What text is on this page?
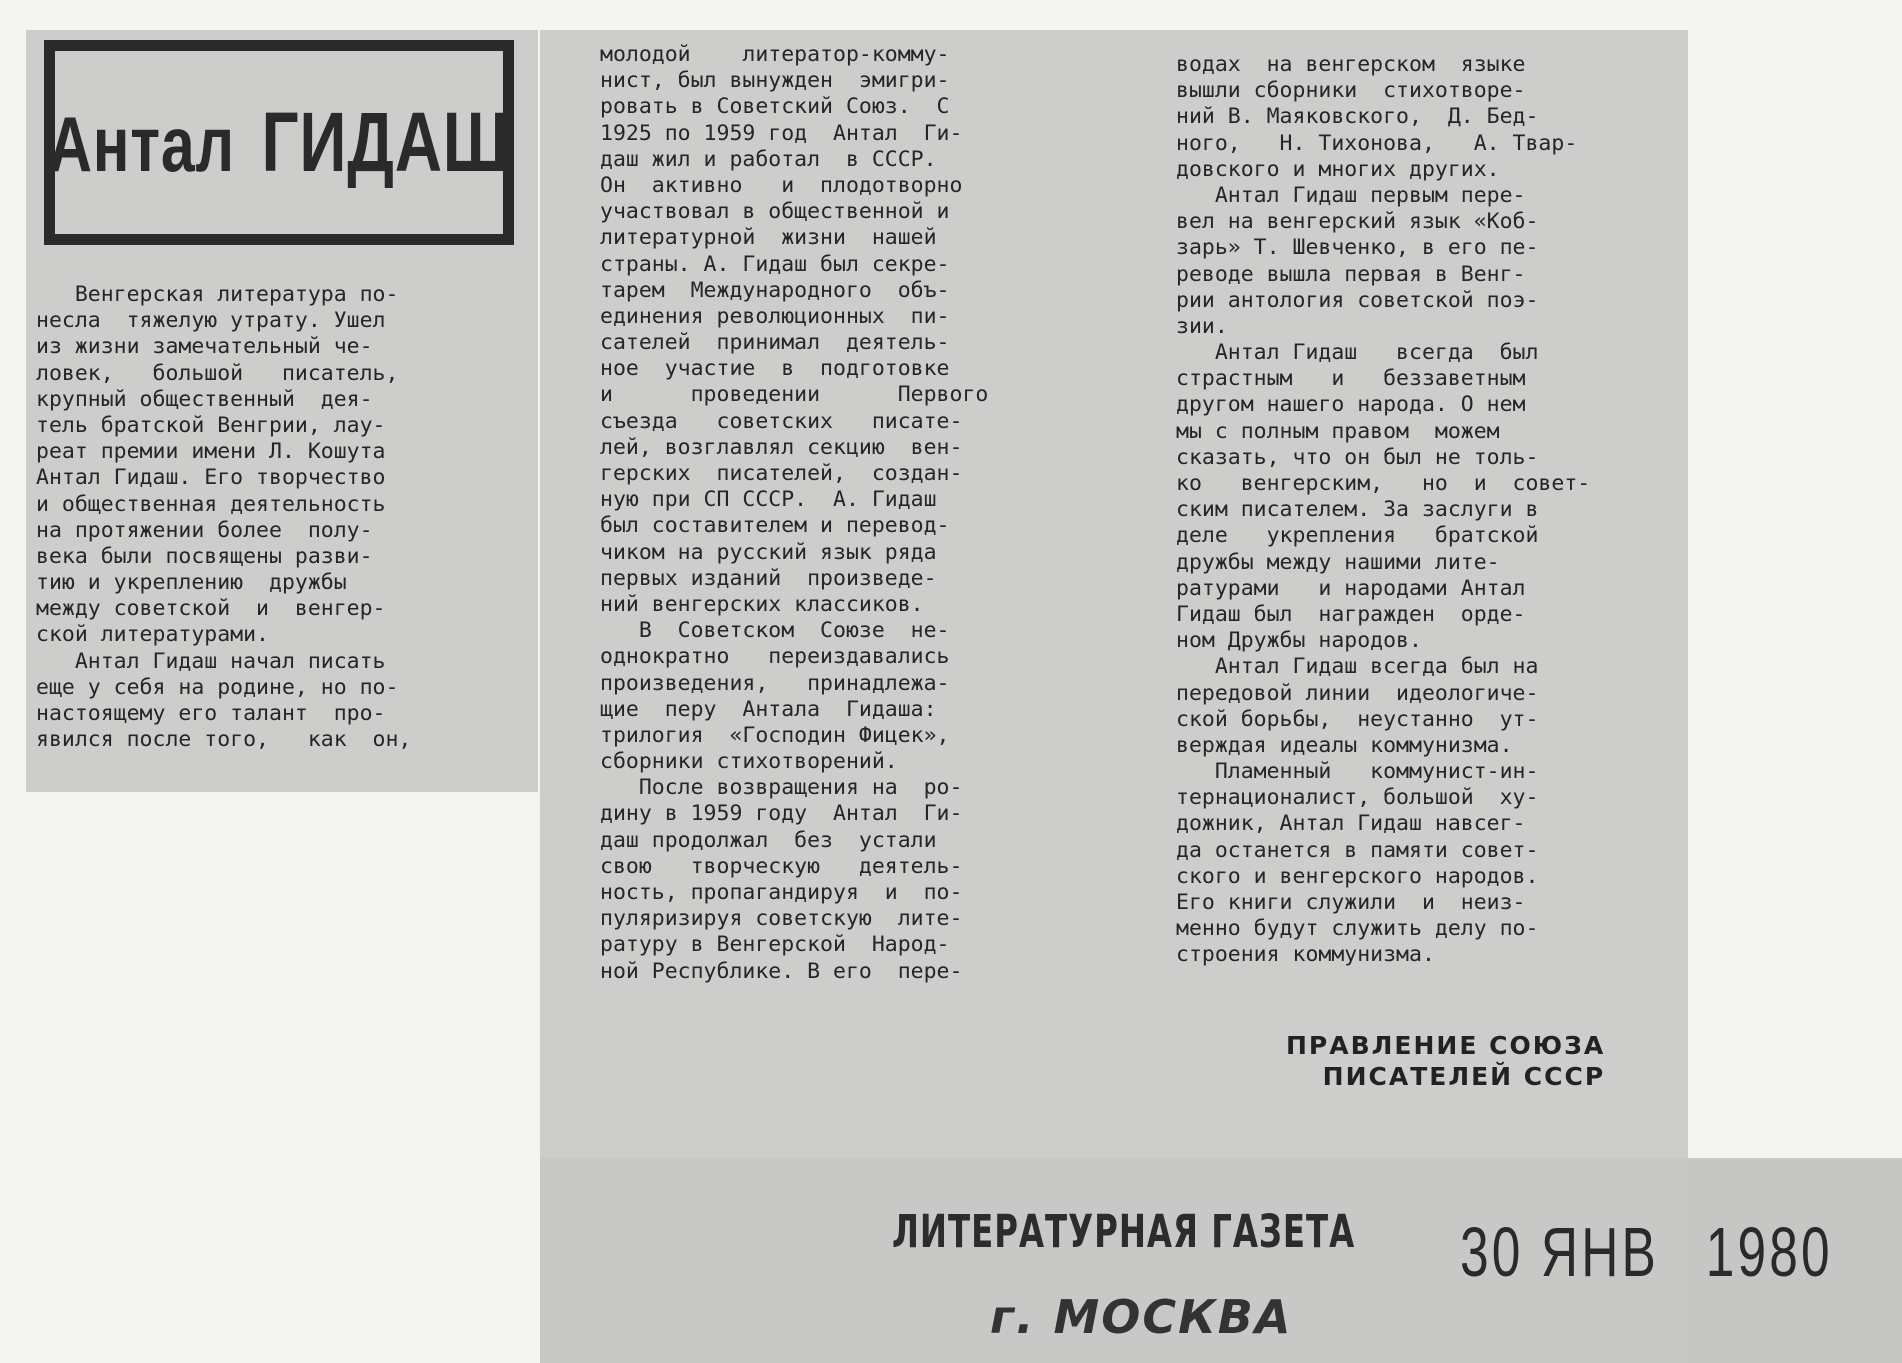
Антал ГИДАШ
Венгерская литература по-
несла  тяжелую утрату. Ушел
из жизни замечательный че-
ловек,   большой   писатель,
крупный общественный  дея-
тель братской Венгрии, лау-
реат премии имени Л. Кошута
Антал Гидаш. Его творчество
и общественная деятельность
на протяжении более  полу-
века были посвящены разви-
тию и укреплению  дружбы
между советской  и  венгер-
ской литературами.
Антал Гидаш начал писать
еще у себя на родине, но по-
настоящему его талант  про-
явился после того,   как  он,
молодой    литератор-комму-
нист, был вынужден  эмигри-
ровать в Советский Союз.  С
1925 по 1959 год  Антал  Ги-
даш жил и работал  в СССР.
Он  активно   и  плодотворно
участвовал в общественной и
литературной  жизни  нашей
страны. А. Гидаш был секре-
тарем  Международного  объ-
единения революционных  пи-
сателей  принимал  деятель-
ное  участие  в  подготовке
и      проведении      Первого
съезда   советских   писате-
лей, возглавлял секцию  вен-
герских  писателей,  создан-
ную при СП СССР.  А. Гидаш
был составителем и перевод-
чиком на русский язык ряда
первых изданий  произведе-
ний венгерских классиков.
В  Советском  Союзе  не-
однократно   переиздавались
произведения,   принадлежа-
щие  перу  Антала  Гидаша:
трилогия  «Господин Фицек»,
сборники стихотворений.
После возвращения на  ро-
дину в 1959 году  Антал  Ги-
даш продолжал  без  устали
свою   творческую   деятель-
ность, пропагандируя  и  по-
пуляризируя советскую  лите-
ратуру в Венгерской  Народ-
ной Республике. В его  пере-
водах  на венгерском  языке
вышли сборники  стихотворе-
ний В. Маяковского,  Д. Бед-
ного,   Н. Тихонова,   А. Твар-
довского и многих других.
Антал Гидаш первым пере-
вел на венгерский язык «Коб-
зарь» Т. Шевченко, в его пе-
реводе вышла первая в Венг-
рии антология советской поэ-
зии.
Антал Гидаш   всегда  был
страстным   и   беззаветным
другом нашего народа. О нем
мы с полным правом  можем
сказать, что он был не толь-
ко   венгерским,   но  и  совет-
ским писателем. За заслуги в
деле   укрепления   братской
дружбы между нашими лите-
ратурами   и народами Антал
Гидаш был  награжден  орде-
ном Дружбы народов.
Антал Гидаш всегда был на
передовой линии  идеологиче-
ской борьбы,  неустанно  ут-
верждая идеалы коммунизма.
Пламенный   коммунист-ин-
тернационалист, большой  ху-
дожник, Антал Гидаш навсег-
да останется в памяти совет-
ского и венгерского народов.
Его книги служили  и  неиз-
менно будут служить делу по-
строения коммунизма.
ПРАВЛЕНИЕ СОЮЗА
ПИСАТЕЛЕЙ СССР
ЛИТЕРАТУРНАЯ ГАЗЕТА
г. МОСКВА
30 ЯНВ 1980
